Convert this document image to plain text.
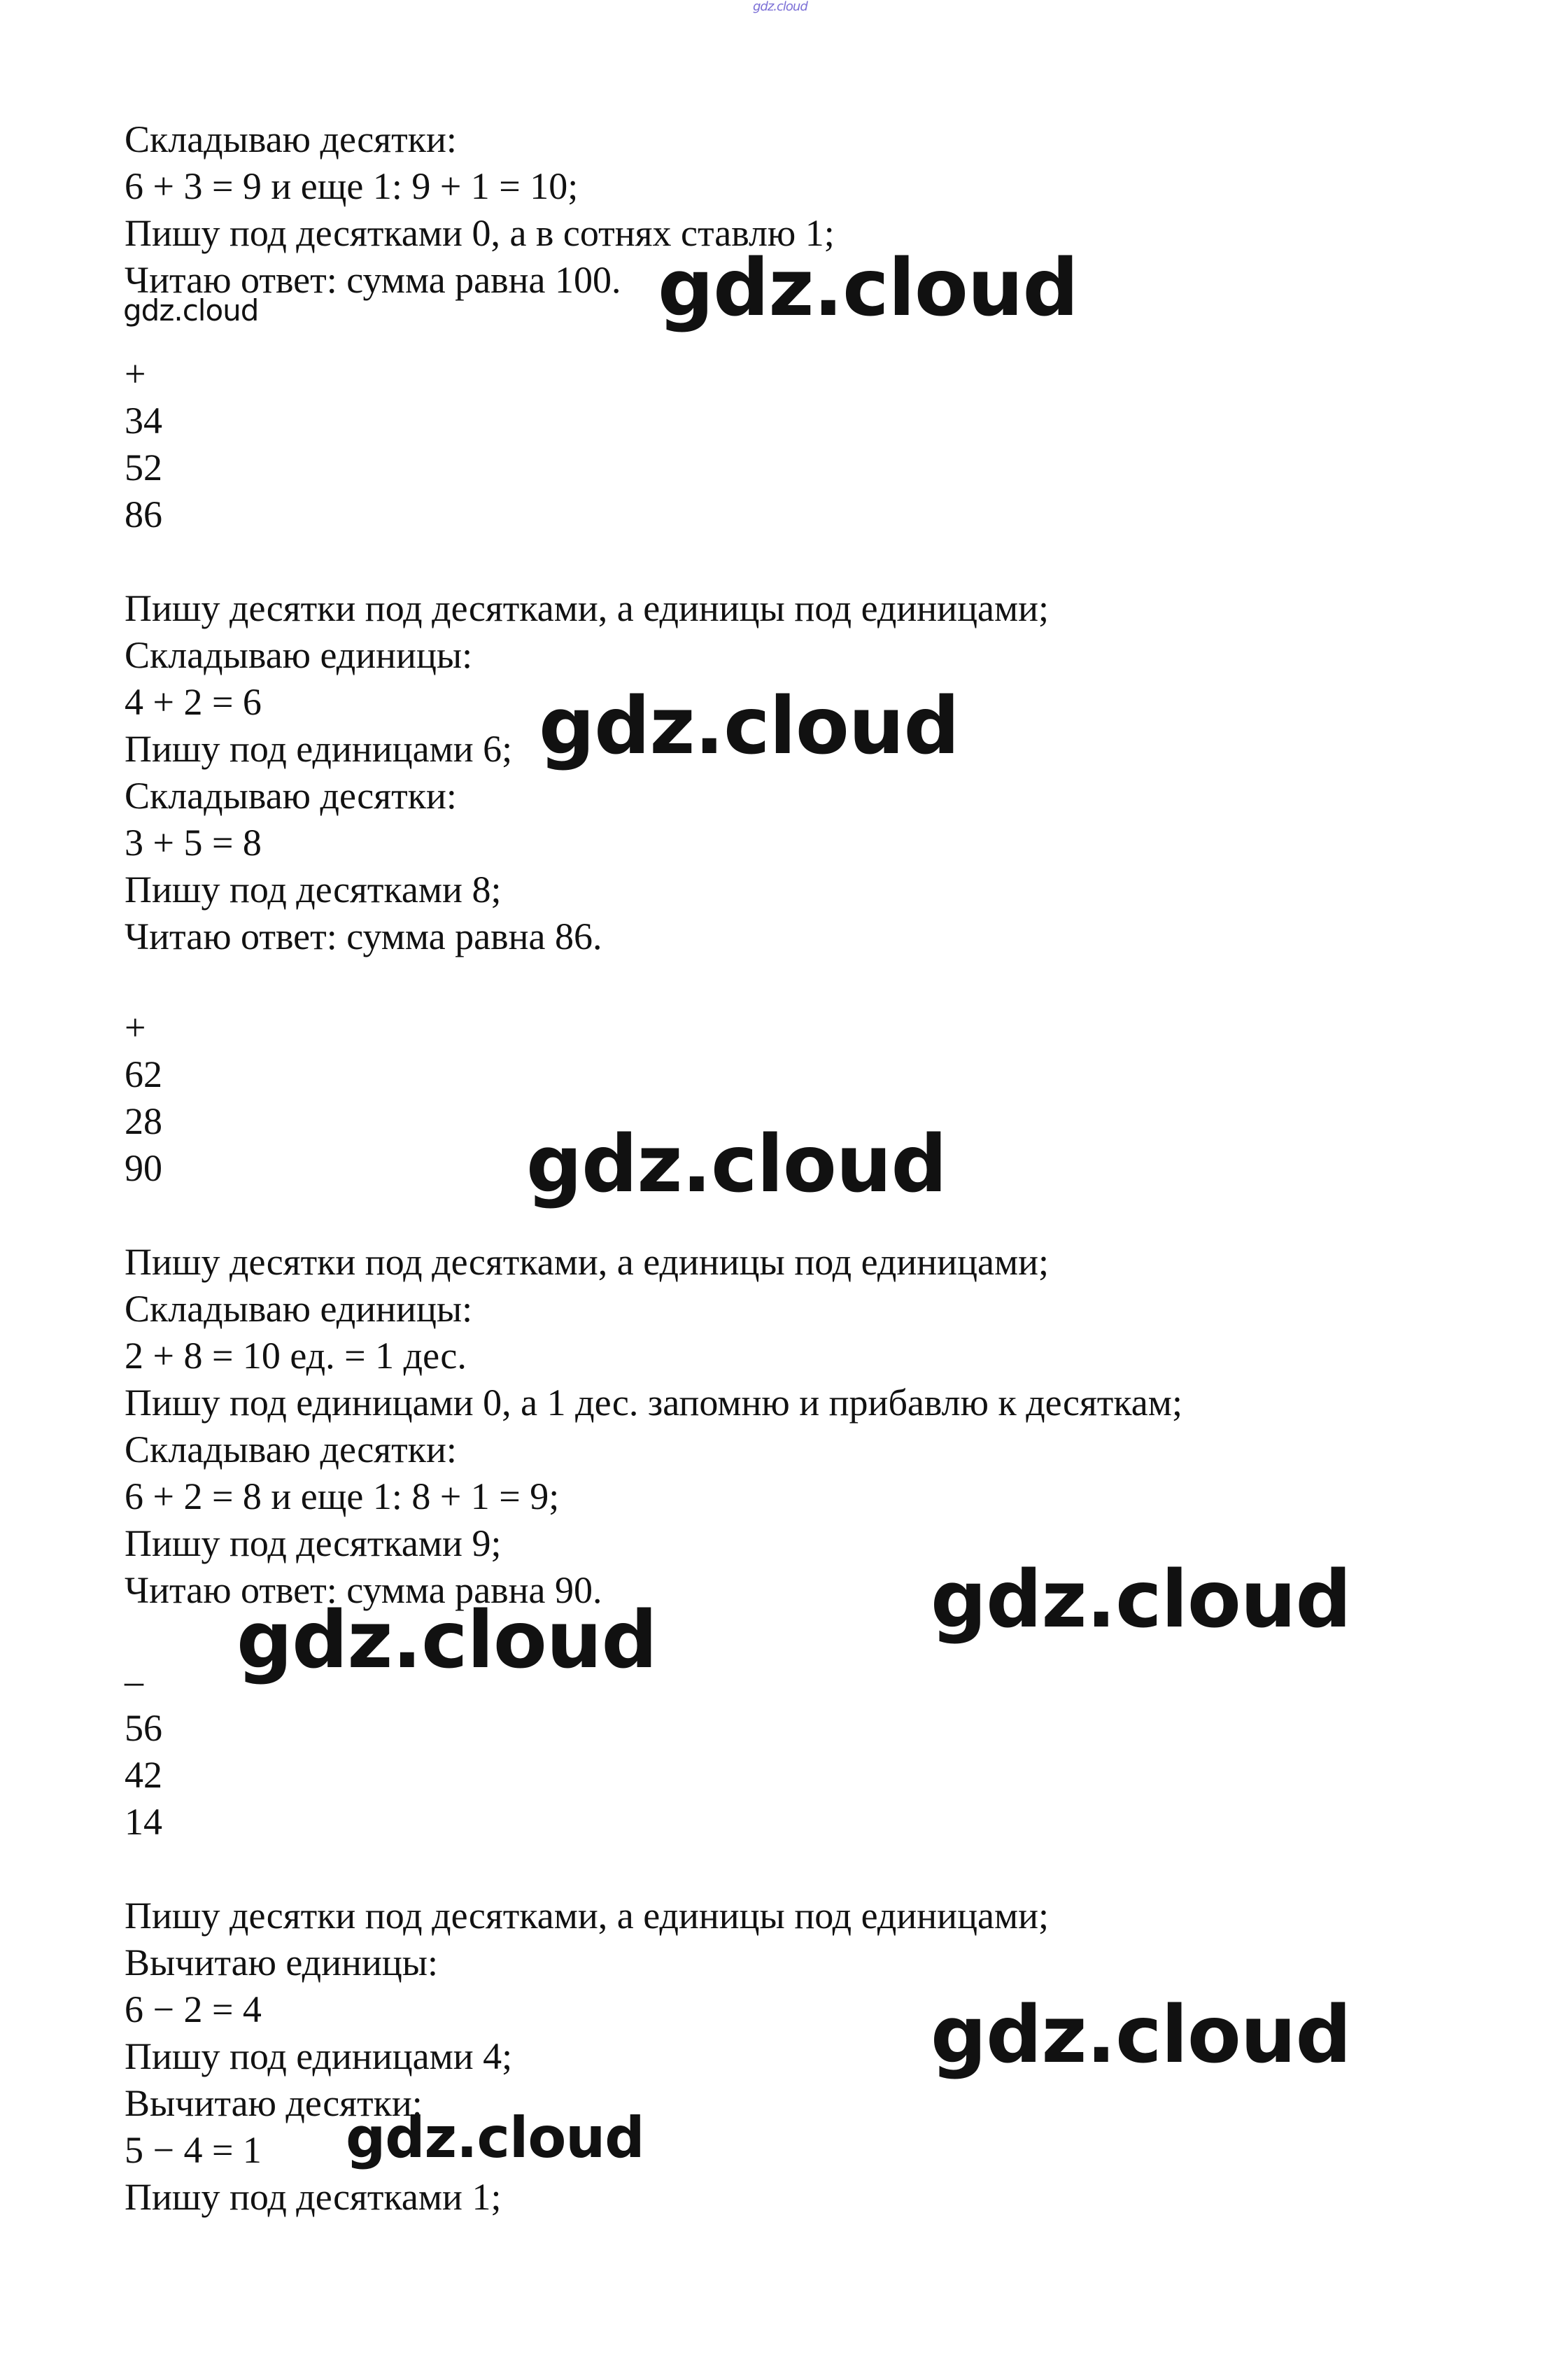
gdz.cloud
Складываю десятки:
6 + 3 = 9 и еще 1: 9 + 1 = 10;
Пишу под десятками 0, а в сотнях ставлю 1;
Читаю ответ: сумма равна 100.
+
34
52
86
Пишу десятки под десятками, а единицы под единицами;
Складываю единицы:
4 + 2 = 6
Пишу под единицами 6;
Складываю десятки:
3 + 5 = 8
Пишу под десятками 8;
Читаю ответ: сумма равна 86.
+
62
28
90
Пишу десятки под десятками, а единицы под единицами;
Складываю единицы:
2 + 8 = 10 ед. = 1 дес.
Пишу под единицами 0, а 1 дес. запомню и прибавлю к десяткам;
Складываю десятки:
6 + 2 = 8 и еще 1: 8 + 1 = 9;
Пишу под десятками 9;
Читаю ответ: сумма равна 90.
–
56
42
14
Пишу десятки под десятками, а единицы под единицами;
Вычитаю единицы:
6 − 2 = 4
Пишу под единицами 4;
Вычитаю десятки:
5 − 4 = 1
Пишу под десятками 1;
gdz.cloud	gdz.cloud
gdz.cloud
gdz.cloud
gdz.cloud
gdz.cloud
gdz.cloud
gdz.cloud
